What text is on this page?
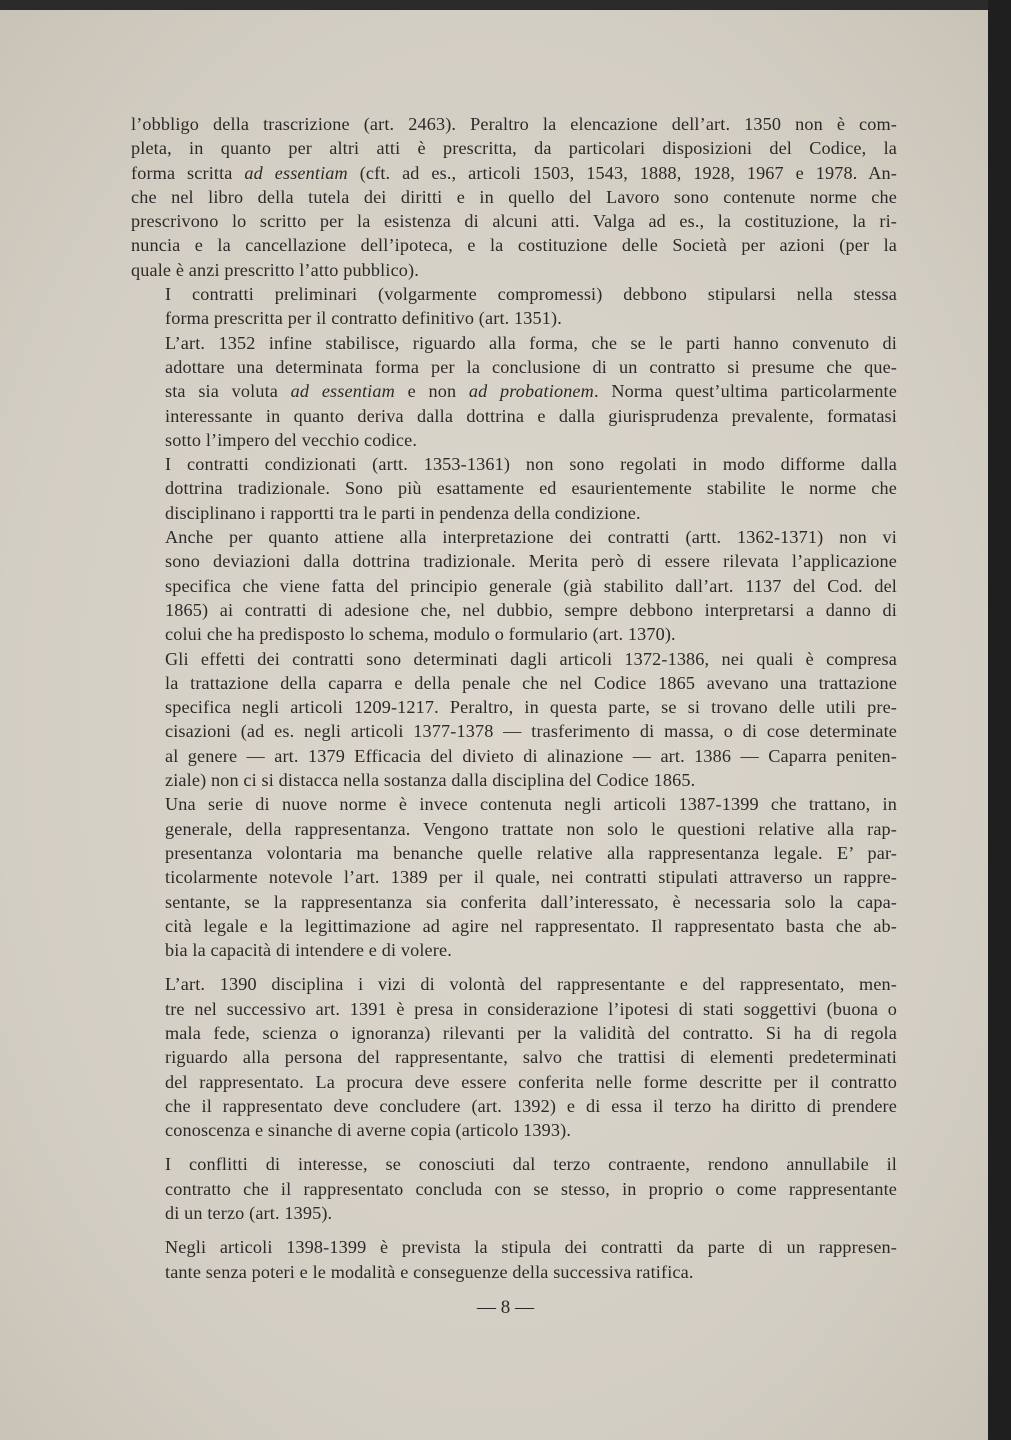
l’obbligo della trascrizione (art. 2463). Peraltro la elencazione dell’art. 1350 non è com-
pleta, in quanto per altri atti è prescritta, da particolari disposizioni del Codice, la
forma scritta ad essentiam (cft. ad es., articoli 1503, 1543, 1888, 1928, 1967 e 1978. An-
che nel libro della tutela dei diritti e in quello del Lavoro sono contenute norme che
prescrivono lo scritto per la esistenza di alcuni atti. Valga ad es., la costituzione, la ri-
nuncia e la cancellazione dell’ipoteca, e la costituzione delle Società per azioni (per la
quale è anzi prescritto l’atto pubblico).

I contratti preliminari (volgarmente compromessi) debbono stipularsi nella stessa
forma prescritta per il contratto definitivo (art. 1351).

L’art. 1352 infine stabilisce, riguardo alla forma, che se le parti hanno convenuto di
adottare una determinata forma per la conclusione di un contratto si presume che que-
sta sia voluta ad essentiam e non ad probationem. Norma quest’ultima particolarmente
interessante in quanto deriva dalla dottrina e dalla giurisprudenza prevalente, formatasi
sotto l’impero del vecchio codice.

I contratti condizionati (artt. 1353-1361) non sono regolati in modo difforme dalla
dottrina tradizionale. Sono più esattamente ed esaurientemente stabilite le norme che
disciplinano i rapportti tra le parti in pendenza della condizione.

Anche per quanto attiene alla interpretazione dei contratti (artt. 1362-1371) non vi
sono deviazioni dalla dottrina tradizionale. Merita però di essere rilevata l’applicazione
specifica che viene fatta del principio generale (già stabilito dall’art. 1137 del Cod. del
1865) ai contratti di adesione che, nel dubbio, sempre debbono interpretarsi a danno di
colui che ha predisposto lo schema, modulo o formulario (art. 1370).

Gli effetti dei contratti sono determinati dagli articoli 1372-1386, nei quali è compresa
la trattazione della caparra e della penale che nel Codice 1865 avevano una trattazione
specifica negli articoli 1209-1217. Peraltro, in questa parte, se si trovano delle utili pre-
cisazioni (ad es. negli articoli 1377-1378 — trasferimento di massa, o di cose determinate
al genere — art. 1379 Efficacia del divieto di alinazione — art. 1386 — Caparra peniten-
ziale) non ci si distacca nella sostanza dalla disciplina del Codice 1865.

Una serie di nuove norme è invece contenuta negli articoli 1387-1399 che trattano, in
generale, della rappresentanza. Vengono trattate non solo le questioni relative alla rap-
presentanza volontaria ma benanche quelle relative alla rappresentanza legale. E’ par-
ticolarmente notevole l’art. 1389 per il quale, nei contratti stipulati attraverso un rappre-
sentante, se la rappresentanza sia conferita dall’interessato, è necessaria solo la capa-
cità legale e la legittimazione ad agire nel rappresentato. Il rappresentato basta che ab-
bia la capacità di intendere e di volere.

L’art. 1390 disciplina i vizi di volontà del rappresentante e del rappresentato, men-
tre nel successivo art. 1391 è presa in considerazione l’ipotesi di stati soggettivi (buona o
mala fede, scienza o ignoranza) rilevanti per la validità del contratto. Si ha di regola
riguardo alla persona del rappresentante, salvo che trattisi di elementi predeterminati
del rappresentato. La procura deve essere conferita nelle forme descritte per il contratto
che il rappresentato deve concludere (art. 1392) e di essa il terzo ha diritto di prendere
conoscenza e sinanche di averne copia (articolo 1393).

I conflitti di interesse, se conosciuti dal terzo contraente, rendono annullabile il
contratto che il rappresentato concluda con se stesso, in proprio o come rappresentante
di un terzo (art. 1395).

Negli articoli 1398-1399 è prevista la stipula dei contratti da parte di un rappresen-
tante senza poteri e le modalità e conseguenze della successiva ratifica.

— 8 —
